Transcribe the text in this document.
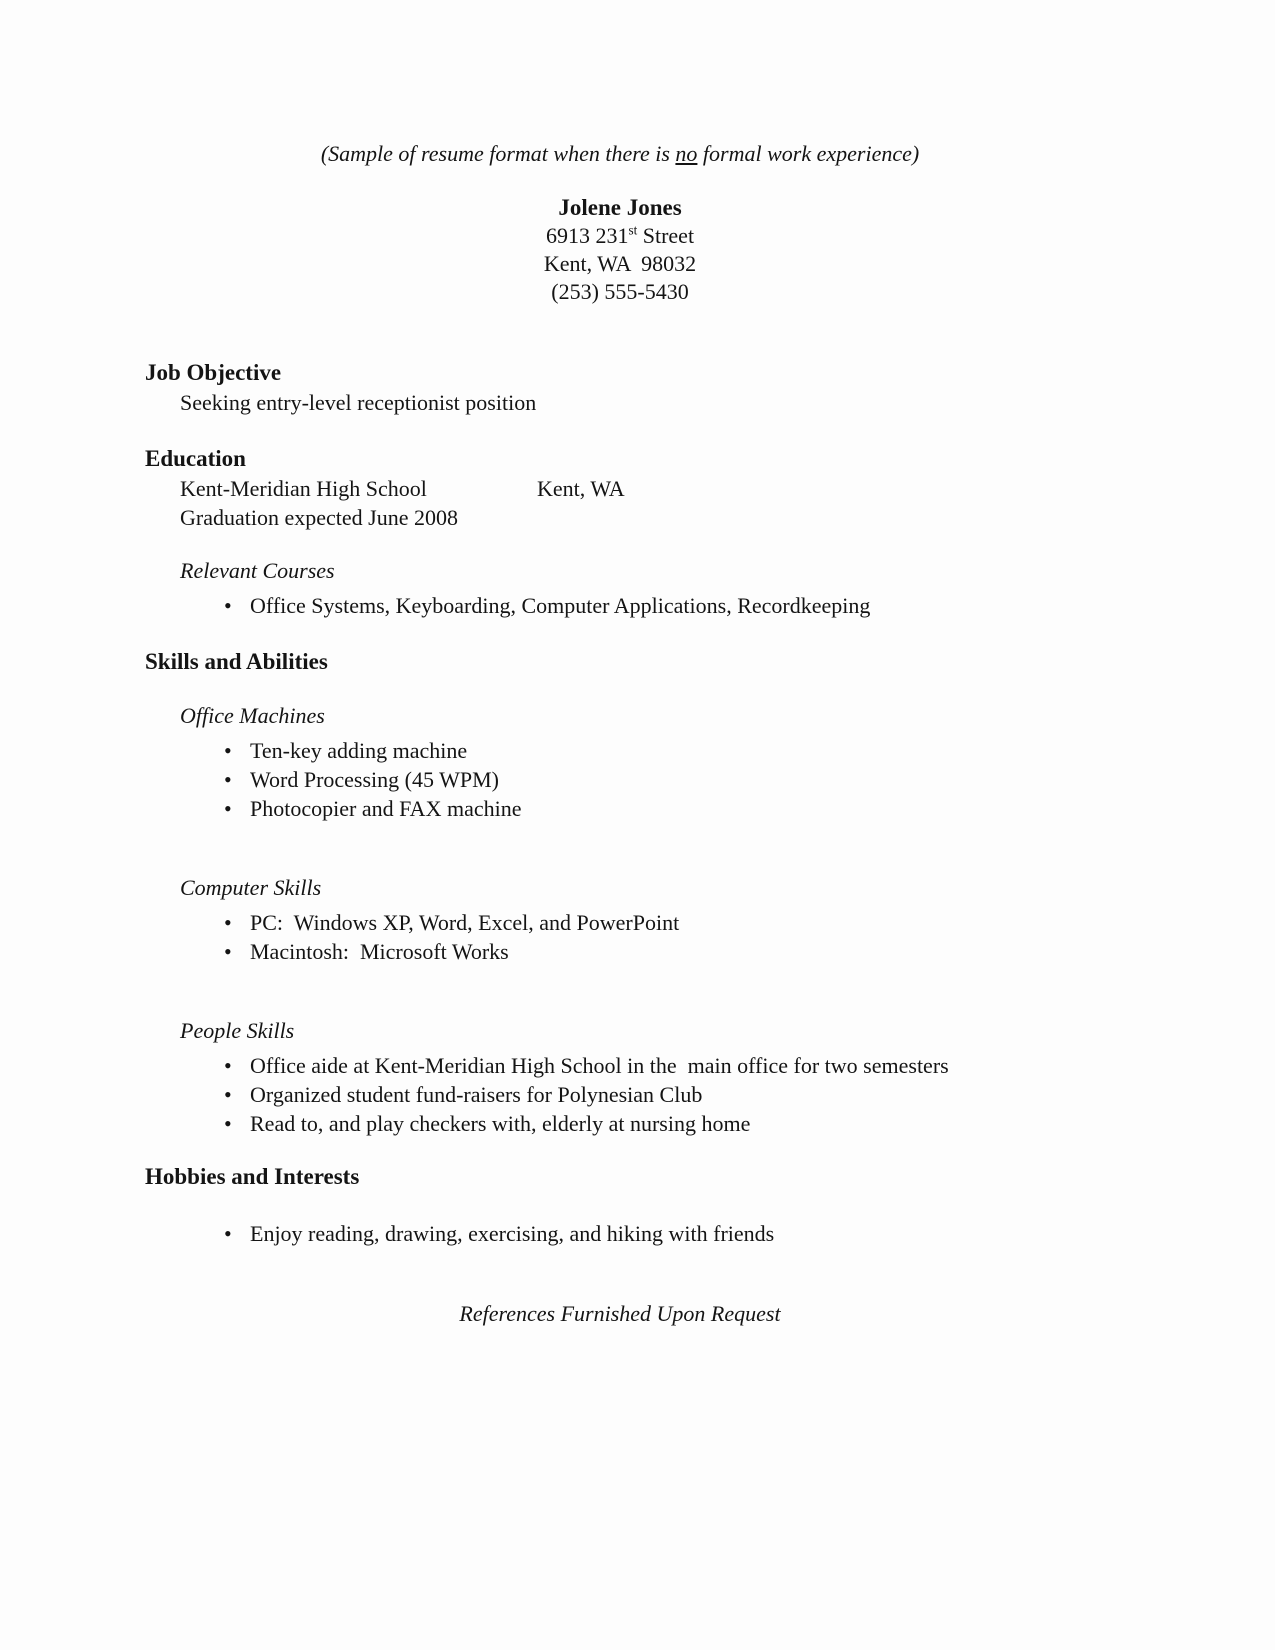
(Sample of resume format when there is no formal work experience)

Jolene Jones

6913 231st Street

Kent, WA  98032

(253) 555-5430

Job Objective

Seeking entry-level receptionist position

Education

Kent-Meridian High School	Kent, WA

Graduation expected June 2008

Relevant Courses

• Office Systems, Keyboarding, Computer Applications, Recordkeeping
Skills and Abilities

Office Machines

• Ten-key adding machine
• Word Processing (45 WPM)
• Photocopier and FAX machine

Computer Skills

• PC:  Windows XP, Word, Excel, and PowerPoint
• Macintosh:  Microsoft Works

People Skills

• Office aide at Kent-Meridian High School in the  main office for two semesters
• Organized student fund-raisers for Polynesian Club
• Read to, and play checkers with, elderly at nursing home
Hobbies and Interests
• Enjoy reading, drawing, exercising, and hiking with friends

References Furnished Upon Request
